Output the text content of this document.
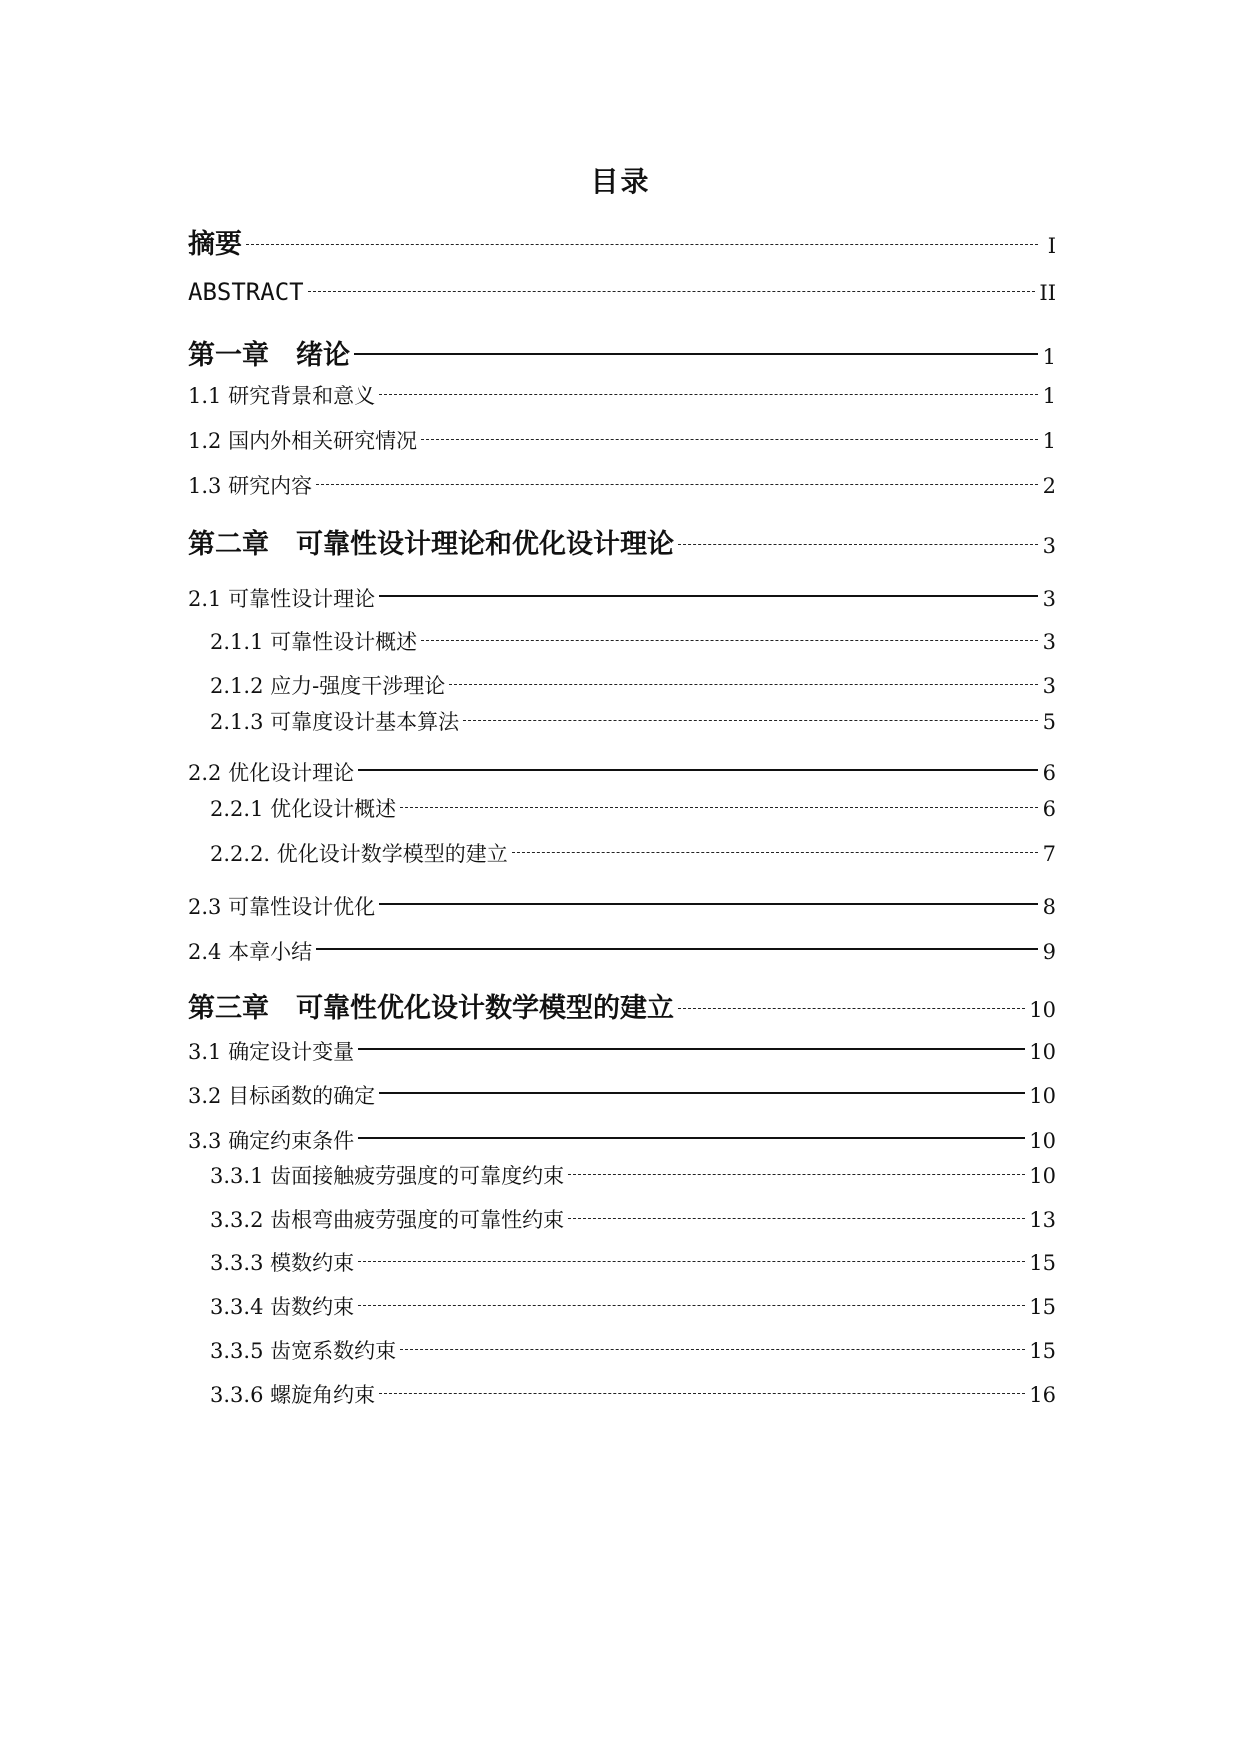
目录
摘要	I
ABSTRACT	II
第一章　绪论	1
1.1 研究背景和意义	1
1.2 国内外相关研究情况	1
1.3 研究内容	2
第二章　可靠性设计理论和优化设计理论	3
2.1 可靠性设计理论	3
2.1.1 可靠性设计概述	3
2.1.2 应力-强度干涉理论	3
2.1.3 可靠度设计基本算法	5
2.2 优化设计理论	6
2.2.1 优化设计概述	6
2.2.2. 优化设计数学模型的建立	7
2.3 可靠性设计优化	8
2.4 本章小结	9
第三章　可靠性优化设计数学模型的建立	10
3.1 确定设计变量	10
3.2 目标函数的确定	10
3.3 确定约束条件	10
3.3.1 齿面接触疲劳强度的可靠度约束	10
3.3.2 齿根弯曲疲劳强度的可靠性约束	13
3.3.3 模数约束	15
3.3.4 齿数约束	15
3.3.5 齿宽系数约束	15
3.3.6 螺旋角约束	16
